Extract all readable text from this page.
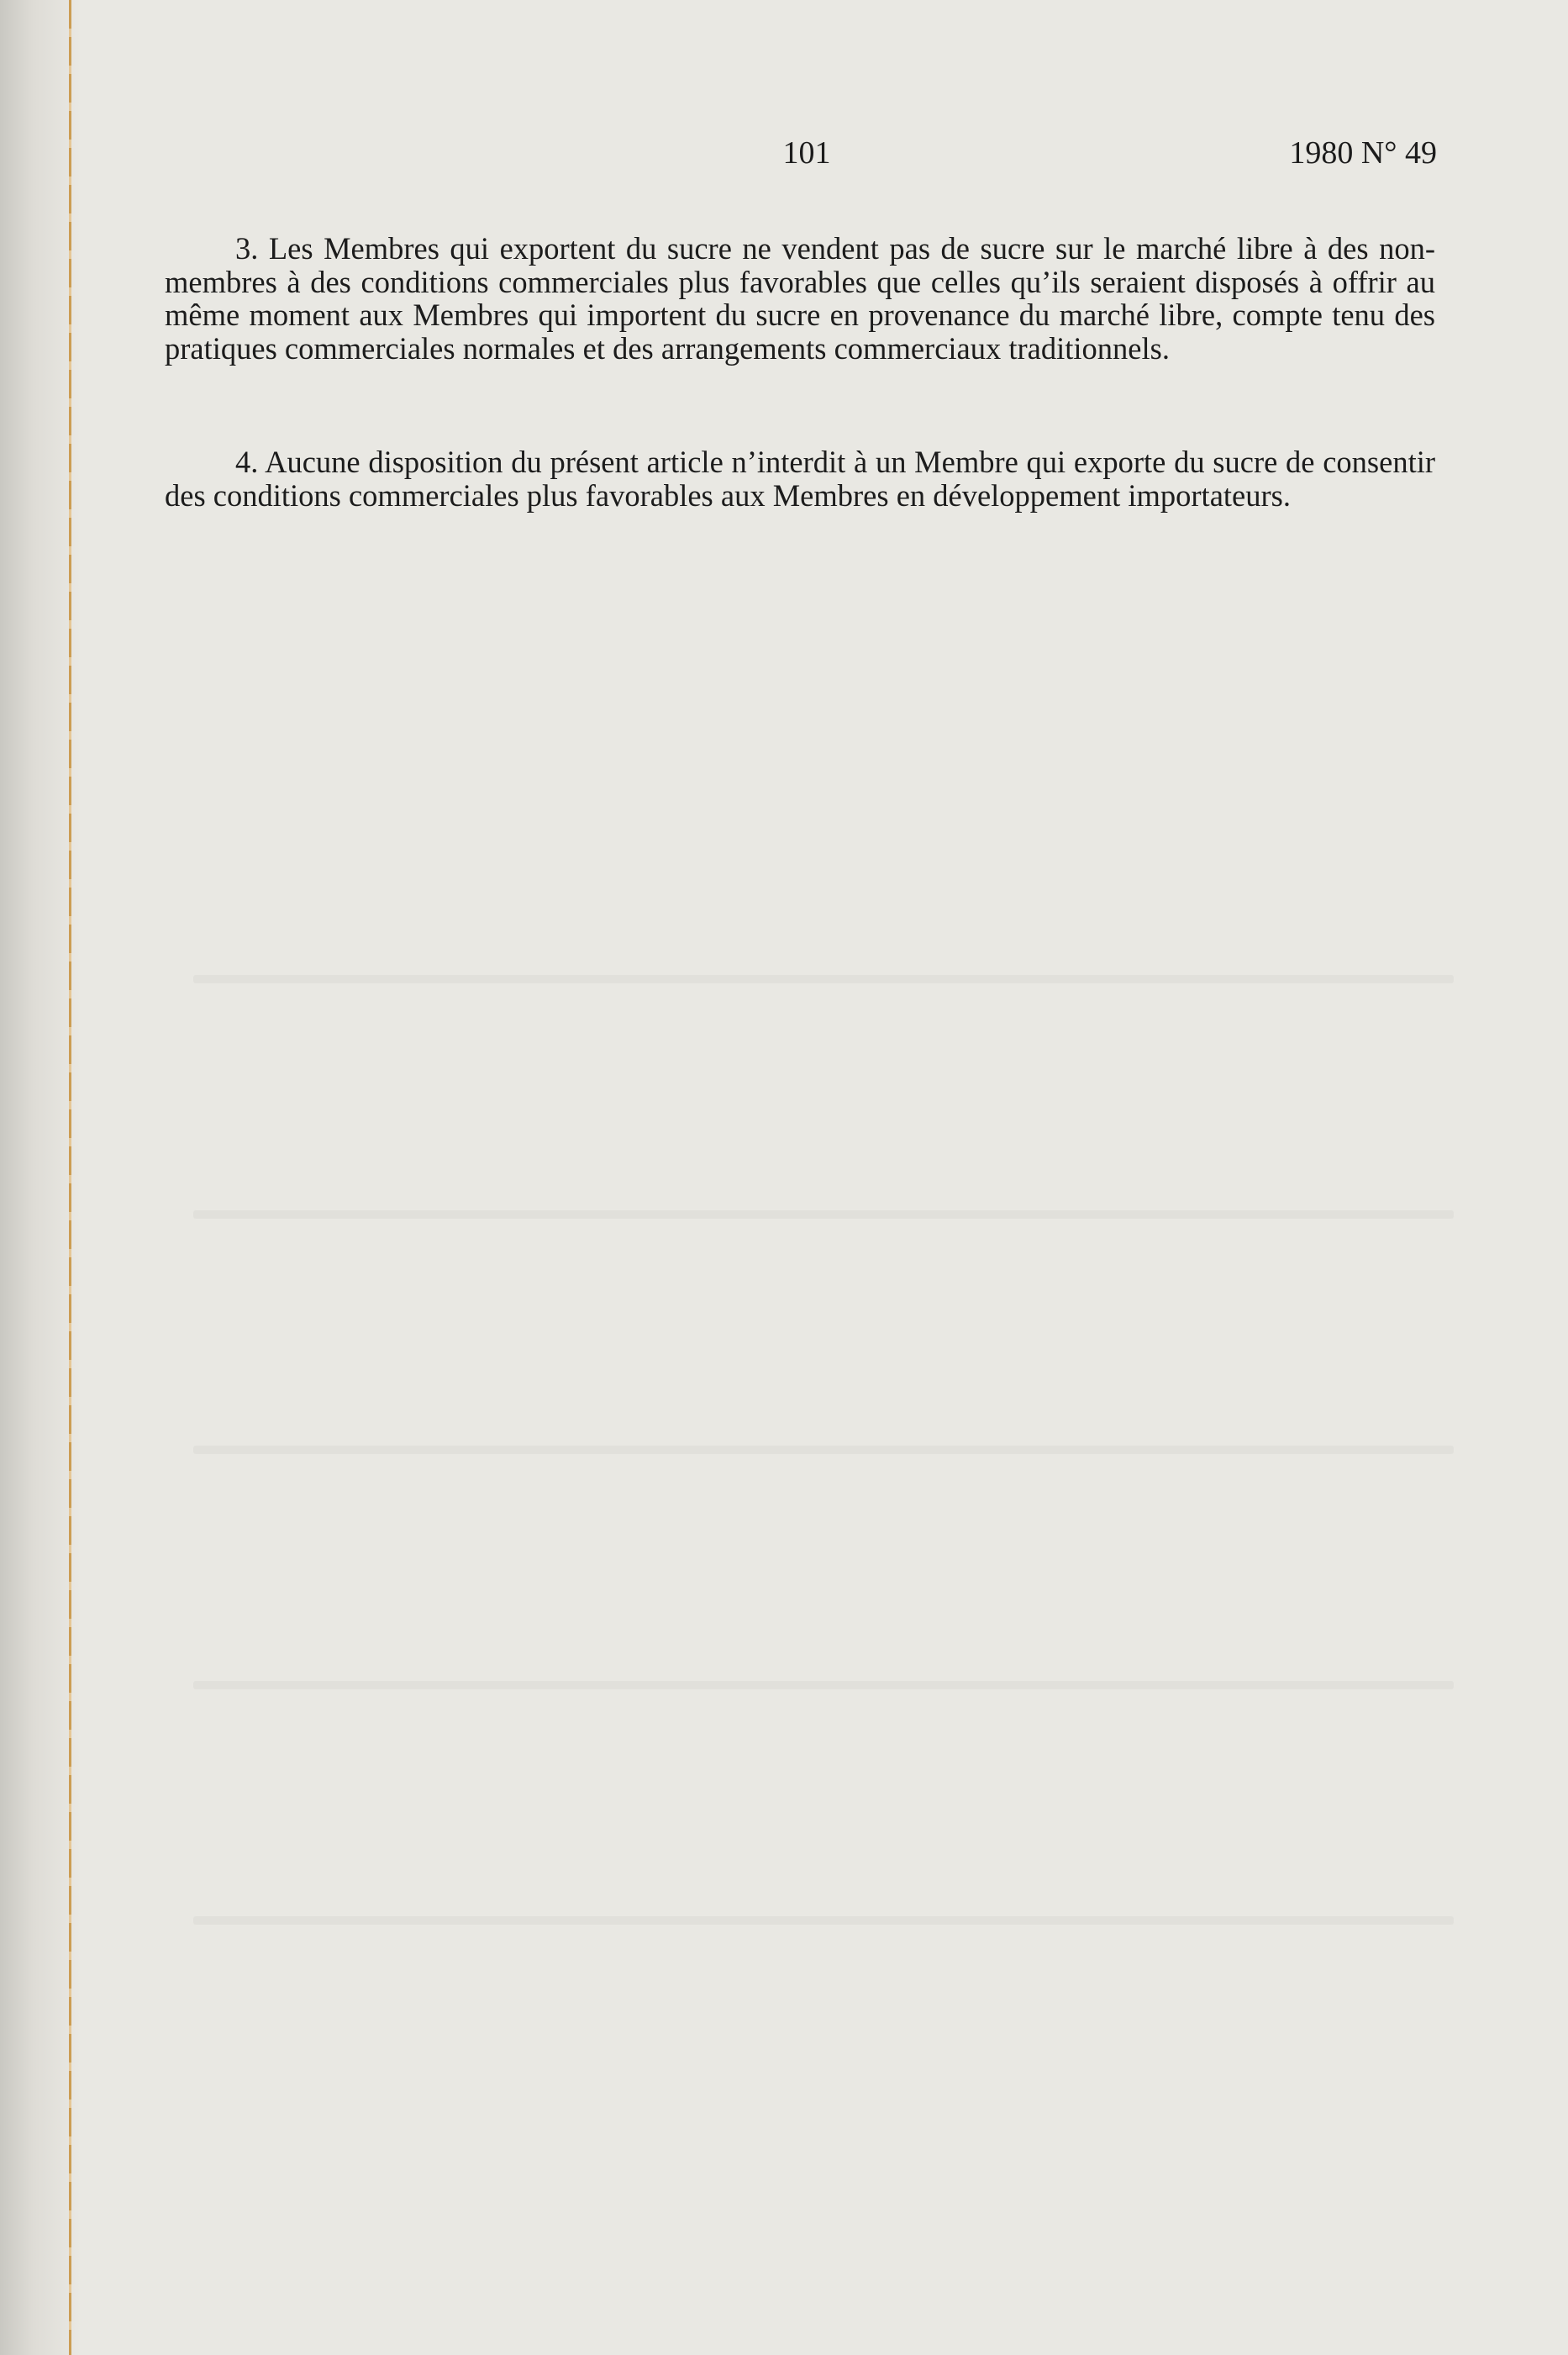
101	1980 N° 49

3. Les Membres qui exportent du sucre ne vendent pas de sucre sur le marché libre à des non-membres à des conditions commerciales plus favorables que celles qu’ils seraient disposés à offrir au même moment aux Membres qui importent du sucre en provenance du marché libre, compte tenu des pratiques commerciales normales et des arrangements commerciaux traditionnels.

4. Aucune disposition du présent article n’interdit à un Membre qui exporte du sucre de consentir des conditions commerciales plus favorables aux Membres en développement importateurs.
